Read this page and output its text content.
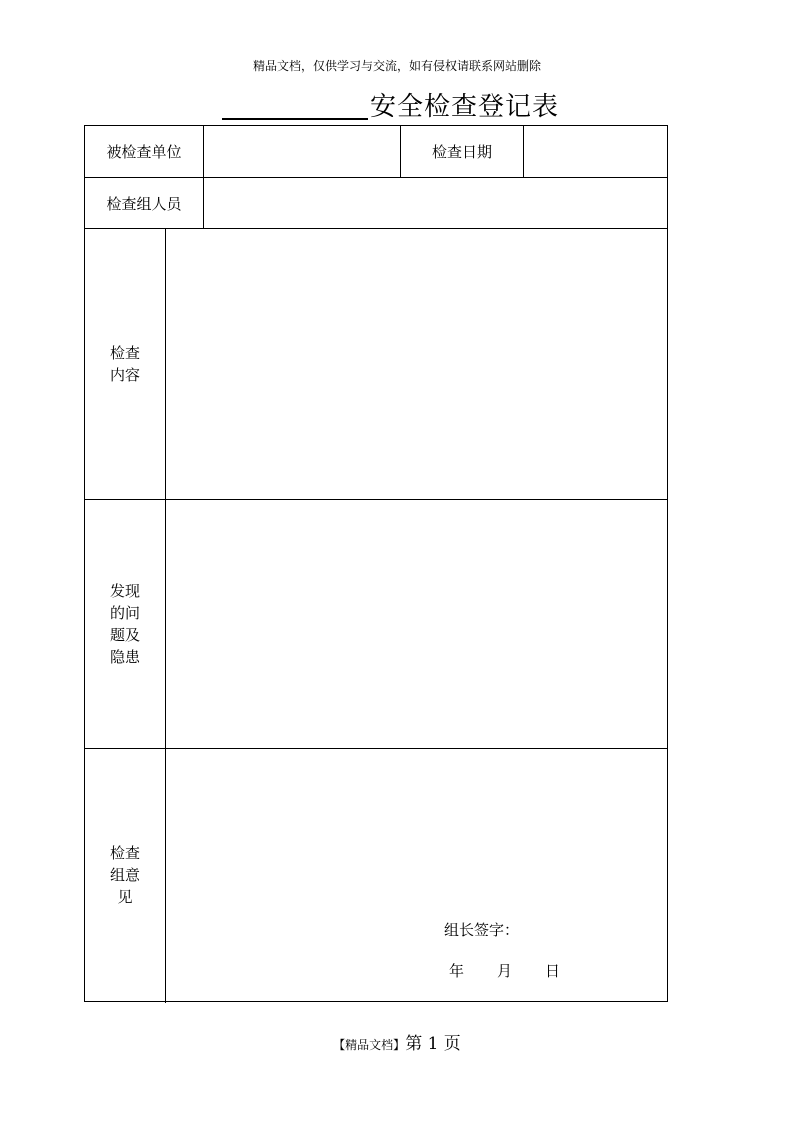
精品文档，仅供学习与交流，如有侵权请联系网站删除
安全检查登记表
被检查单位	检查日期
检查组人员
检查
内容
发现
的问
题及
隐患
检查
组意
见
组长签字：
年 月 日
【精品文档】第 1 页
